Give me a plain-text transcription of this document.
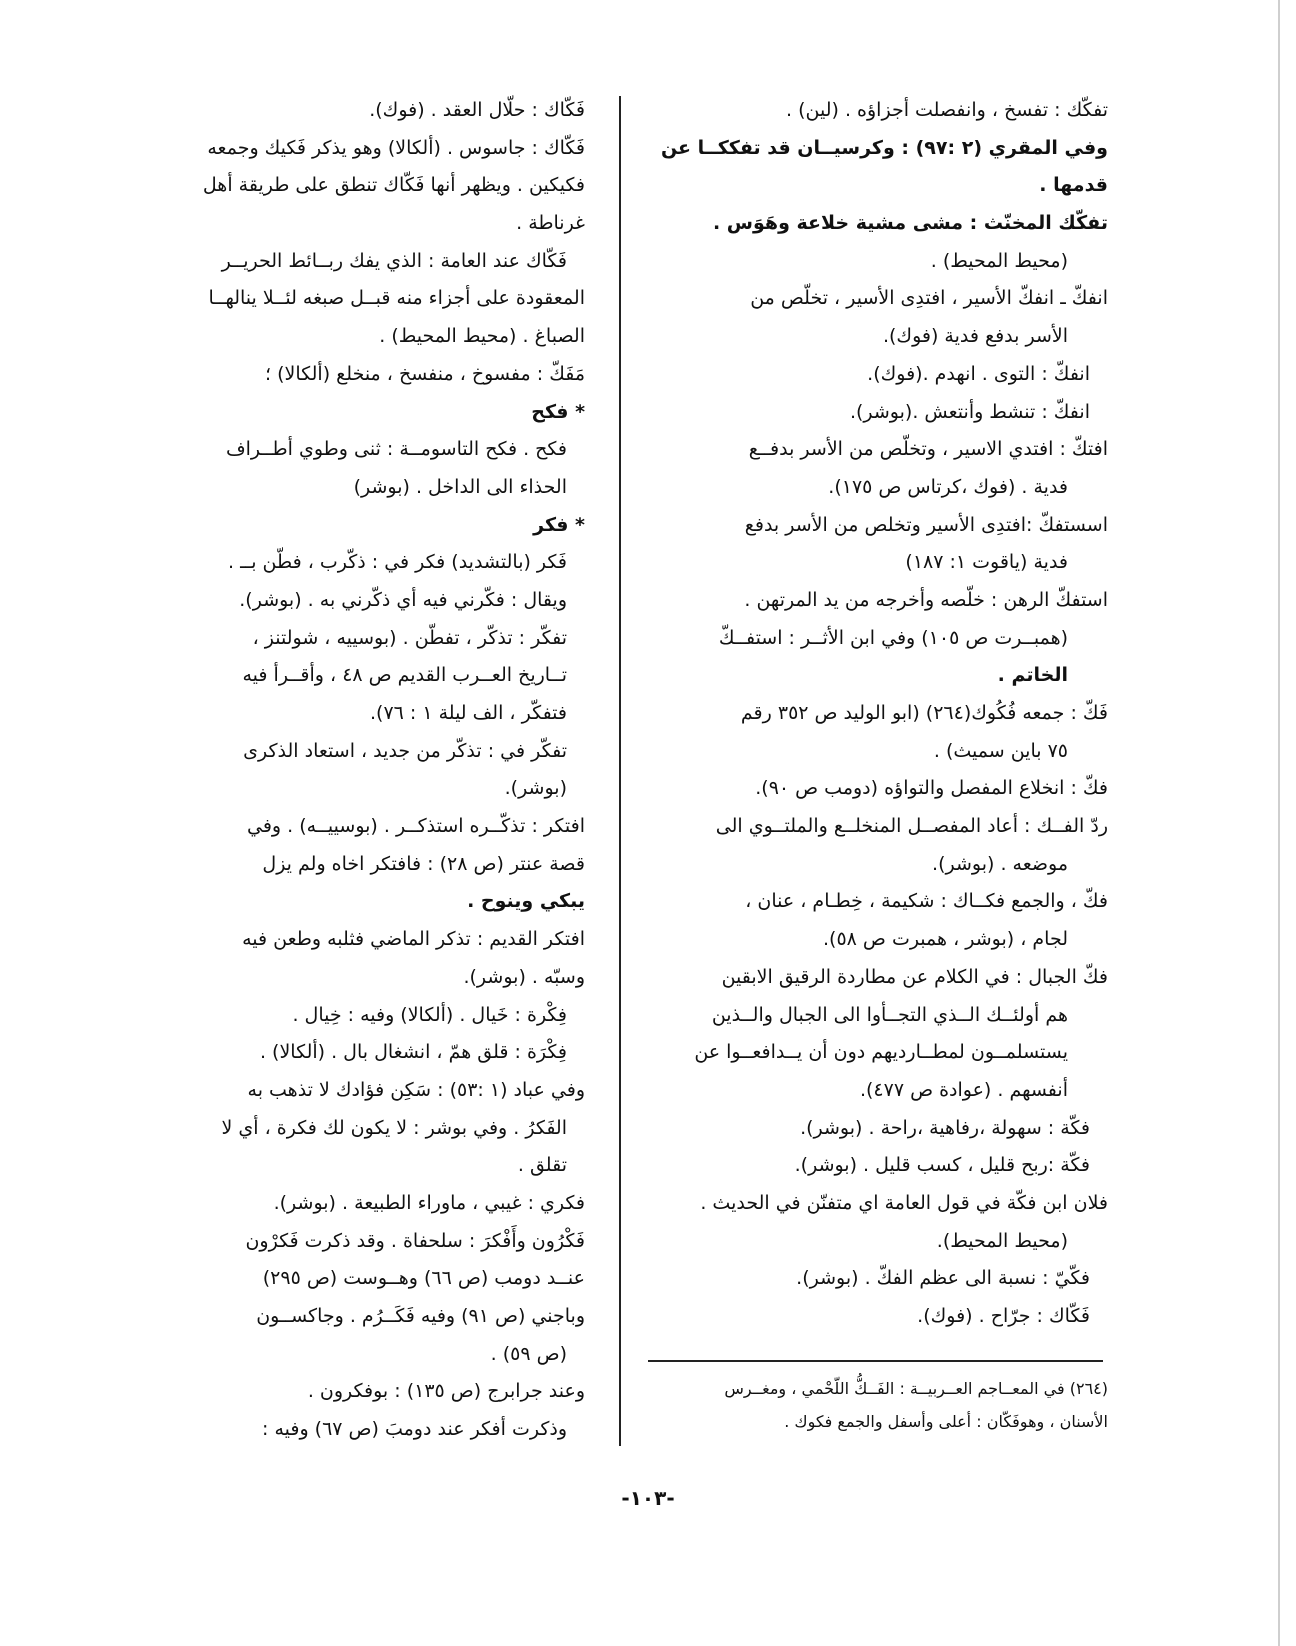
تفكّك : تفسخ ، وانفصلت أجزاؤه . (لين) .
وفي المقري (٢ :٩٧) : وكرسيــان قد تفككــا عن
قدمها .
تفكّك المخنّث : مشى مشية خلاعة وهَوَس .
(محيط المحيط) .
انفكّ ـ انفكّ الأسير ، افتدِى الأسير ، تخلّص من
الأسر بدفع فدية (فوك).
انفكّ : التوى . انهدم .(فوك).
انفكّ : تنشط وأنتعش .(بوشر).
افتكّ : افتدي الاسير ، وتخلّص من الأسر بدفــع
فدية . (فوك ،كرتاس ص ١٧٥).
اسستفكّ :افتدِى الأسير وتخلص من الأسر بدفع
فدية (ياقوت ١: ١٨٧)
استفكّ الرهن : خلّصه وأخرجه من يد المرتهن .
(همبــرت ص ١٠٥) وفي ابن الأثــر : استفــكّ
الخاتم .
فَكّ : جمعه فُكُوك(٢٦٤) (ابو الوليد ص ٣٥٢ رقم
٧٥ باين سميث) .
فكّ : انخلاع المفصل والتواؤه (دومب ص ٩٠).
ردّ الفــك : أعاد المفصــل المنخلــع والملتــوي الى
موضعه . (بوشر).
فكّ ، والجمع فكــاك : شكيمة ، خِطـام ، عنان ،
لجام ، (بوشر ، همبرت ص ٥٨).
فكّ الجبال : في الكلام عن مطاردة الرقيق الابقين
هم أولئــك الــذي التجــأوا الى الجبال والــذين
يستسلمــون لمطــارديهم دون أن يــدافعــوا عن
أنفسهم . (عوادة ص ٤٧٧).
فكّة : سهولة ،رفاهية ،راحة . (بوشر).
فكّة :ربح قليل ، كسب قليل . (بوشر).
فلان ابن فكّة في قول العامة اي متفنّن في الحديث .
(محيط المحيط).
فكّيّ : نسبة الى عظم الفكّ . (بوشر).
فَكّاك : جرّاح . (فوك).
فَكّاك : حلّال العقد . (فوك).
فَكّاك : جاسوس . (ألكالا) وهو يذكر فَكيك وجمعه
فكيكين . ويظهر أنها فَكّاك تنطق على طريقة أهل
غرناطة .
فَكّاك عند العامة : الذي يفك ربــائط الحريــر
المعقودة على أجزاء منه قبــل صبغه لئــلا ينالهــا
الصباغ . (محيط المحيط) .
مَفَكّ : مفسوخ ، منفسخ ، منخلع (ألكالا) ؛
* فكح
فكح . فكح التاسومــة : ثنى وطوي أطــراف
الحذاء الى الداخل . (بوشر)
* فكر
فَكر (بالتشديد) فكر في : ذكّرب ، فطّن بــ .
ويقال : فكّرني فيه أي ذكّرني به . (بوشر).
تفكّر : تذكّر ، تفطّن . (بوسييه ، شولتنز ،
تــاريخ العــرب القديم ص ٤٨ ، وأقــرأ فيه
فتفكّر ، الف ليلة ١ : ٧٦).
تفكّر في : تذكّر من جديد ، استعاد الذكرى
(بوشر).
افتكر : تذكّــره استذكــر . (بوسييــه) . وفي
قصة عنتر (ص ٢٨) : فافتكر اخاه ولم يزل
يبكي وينوح .
افتكر القديم : تذكر الماضي فثلبه وطعن فيه
وسبّه . (بوشر).
فِكْرة : خَيال . (ألكالا) وفيه : خِيال .
فِكْرَة : قلق همّ ، انشغال بال . (ألكالا) .
وفي عباد (١ :٥٣) : سَكِن فؤادك لا تذهب به
الفَكرُ . وفي بوشر : لا يكون لك فكرة ، أي لا
تقلق .
فكري : غيبي ، ماوراء الطبيعة . (بوشر).
فَكْرُون وأَفْكرَ : سلحفاة . وقد ذكرت فَكرْون
عنــد دومب (ص ٦٦) وهــوست (ص ٢٩٥)
وباجني (ص ٩١) وفيه فَكَــرُم . وجاكســون
(ص ٥٩) .
وعند جرابرج (ص ١٣٥) : بوفكرون .
وذكرت أفكر عند دومبَ (ص ٦٧) وفيه :
(٢٦٤) في المعــاجم العــربيــة : الفَــكُّ اللّحْمي ، ومغــرس
الأسنان ، وهوفَكّان : أعلى وأسفل والجمع فكوك .
-١٠٣-
